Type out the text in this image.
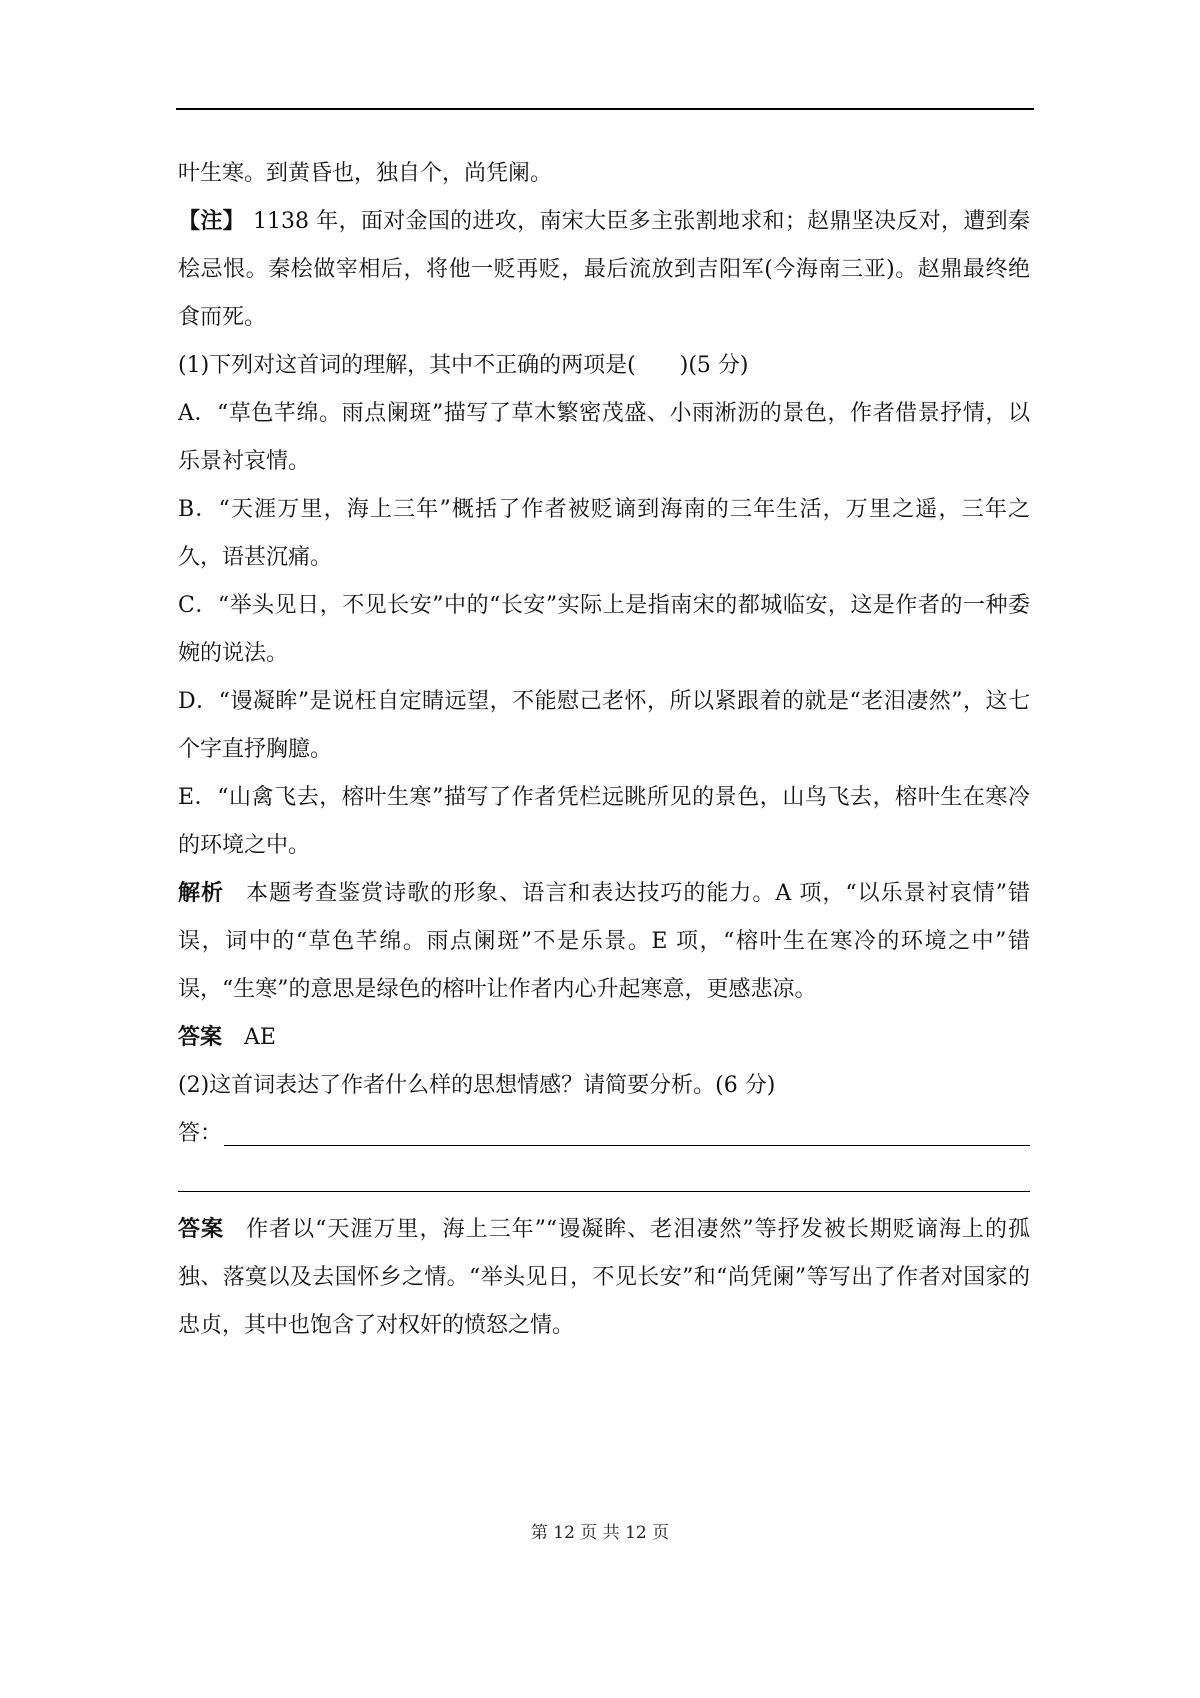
叶生寒。到黄昏也，独自个，尚凭阑。

【注】 1138 年，面对金国的进攻，南宋大臣多主张割地求和；赵鼎坚决反对，遭到秦桧忌恨。秦桧做宰相后，将他一贬再贬，最后流放到吉阳军(今海南三亚)。赵鼎最终绝食而死。

(1)下列对这首词的理解，其中不正确的两项是(　　)(5 分)

A．“草色芊绵。雨点阑斑”描写了草木繁密茂盛、小雨淅沥的景色，作者借景抒情，以乐景衬哀情。

B．“天涯万里，海上三年”概括了作者被贬谪到海南的三年生活，万里之遥，三年之久，语甚沉痛。

C．“举头见日，不见长安”中的“长安”实际上是指南宋的都城临安，这是作者的一种委婉的说法。

D．“谩凝眸”是说枉自定睛远望，不能慰己老怀，所以紧跟着的就是“老泪凄然”，这七个字直抒胸臆。

E．“山禽飞去，榕叶生寒”描写了作者凭栏远眺所见的景色，山鸟飞去，榕叶生在寒冷的环境之中。

解析 本题考查鉴赏诗歌的形象、语言和表达技巧的能力。A 项，“以乐景衬哀情”错误，词中的“草色芊绵。雨点阑斑”不是乐景。E 项，“榕叶生在寒冷的环境之中”错误，“生寒”的意思是绿色的榕叶让作者内心升起寒意，更感悲凉。

答案 AE

(2)这首词表达了作者什么样的思想情感？请简要分析。(6 分)

答：

答案 作者以“天涯万里，海上三年”“谩凝眸、老泪凄然”等抒发被长期贬谪海上的孤独、落寞以及去国怀乡之情。“举头见日，不见长安”和“尚凭阑”等写出了作者对国家的忠贞，其中也饱含了对权奸的愤怒之情。

第 12 页 共 12 页
